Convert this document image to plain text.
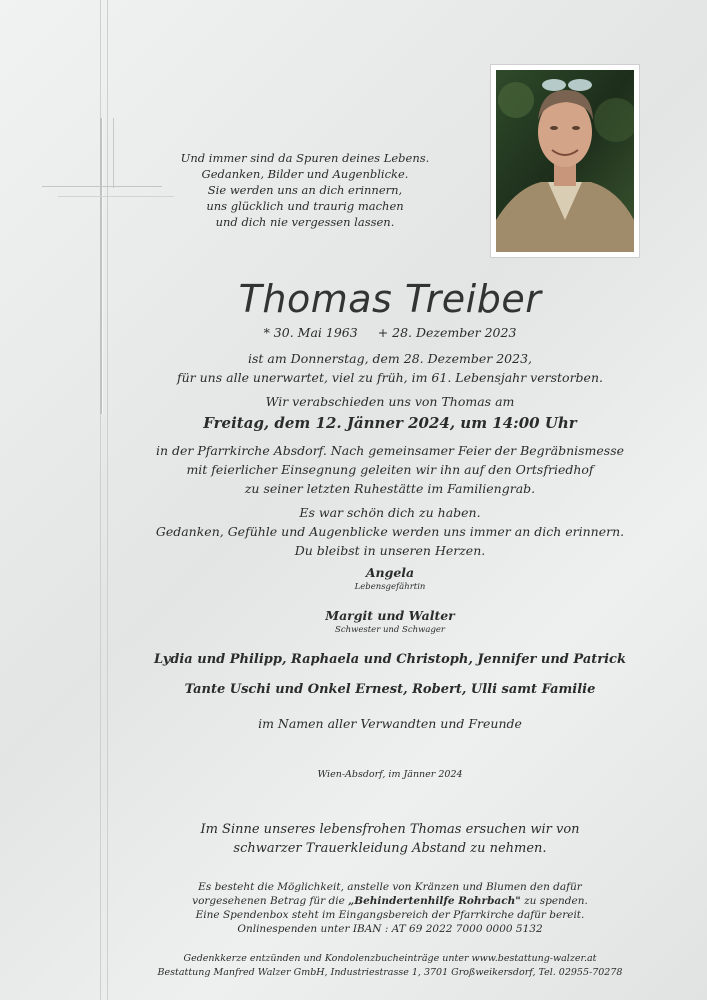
Und immer sind da Spuren deines Lebens.
Gedanken, Bilder und Augenblicke.
Sie werden uns an dich erinnern,
uns glücklich und traurig machen
und dich nie vergessen lassen.
Thomas Treiber
* 30. Mai 1963 + 28. Dezember 2023
ist am Donnerstag, dem 28. Dezember 2023,
für uns alle unerwartet, viel zu früh, im 61. Lebensjahr verstorben.
Wir verabschieden uns von Thomas am
Freitag, dem 12. Jänner 2024, um 14:00 Uhr
in der Pfarrkirche Absdorf. Nach gemeinsamer Feier der Begräbnismesse
mit feierlicher Einsegnung geleiten wir ihn auf den Ortsfriedhof
zu seiner letzten Ruhestätte im Familiengrab.
Es war schön dich zu haben.
Gedanken, Gefühle und Augenblicke werden uns immer an dich erinnern.
Du bleibst in unseren Herzen.
Angela
Lebensgefährtin
Margit und Walter
Schwester und Schwager
Lydia und Philipp, Raphaela und Christoph, Jennifer und Patrick
Tante Uschi und Onkel Ernest, Robert, Ulli samt Familie
im Namen aller Verwandten und Freunde
Wien-Absdorf, im Jänner 2024
Im Sinne unseres lebensfrohen Thomas ersuchen wir von
schwarzer Trauerkleidung Abstand zu nehmen.
Es besteht die Möglichkeit, anstelle von Kränzen und Blumen den dafür
vorgesehenen Betrag für die „Behindertenhilfe Rohrbach" zu spenden.
Eine Spendenbox steht im Eingangsbereich der Pfarrkirche dafür bereit.
Onlinespenden unter IBAN : AT 69 2022 7000 0000 5132
Gedenkkerze entzünden und Kondolenzbucheinträge unter www.bestattung-walzer.at
Bestattung Manfred Walzer GmbH, Industriestrasse 1, 3701 Großweikersdorf, Tel. 02955-70278
